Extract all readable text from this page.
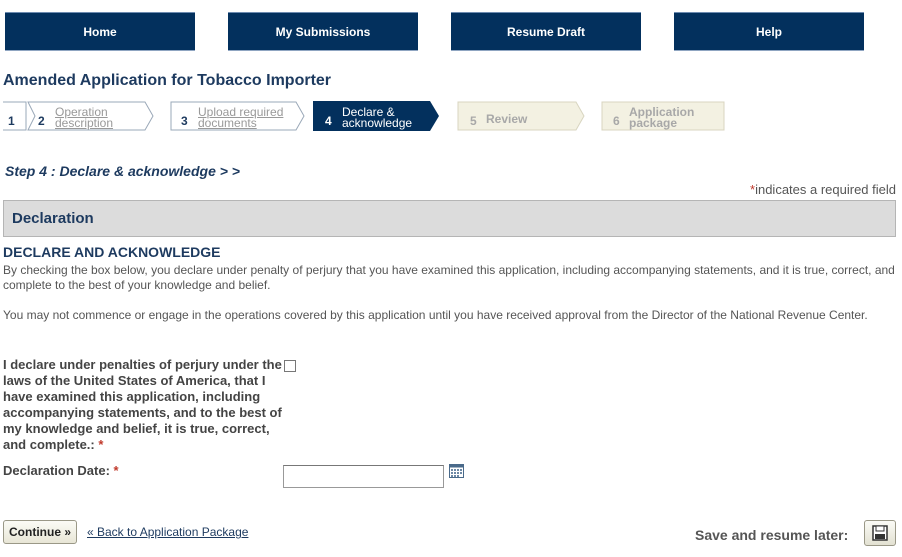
Home	My Submissions	Resume Draft	Help
Amended Application for Tobacco Importer
1 2
Operation
description	3
Upload required
documents	4
Declare &
acknowledge	5 Review	6
Application
package
Step 4 : Declare & acknowledge > >
*indicates a required field
Declaration
DECLARE AND ACKNOWLEDGE
By checking the box below, you declare under penalty of perjury that you have examined this application, including accompanying statements, and it is true, correct, and complete to the best of your knowledge and belief.
You may not commence or engage in the operations covered by this application until you have received approval from the Director of the National Revenue Center.
I declare under penalties of perjury under the laws of the United States of America, that I have examined this application, including accompanying statements, and to the best of my knowledge and belief, it is true, correct, and complete.: *
Declaration Date: *
Continue »	« Back to Application Package	Save and resume later:
